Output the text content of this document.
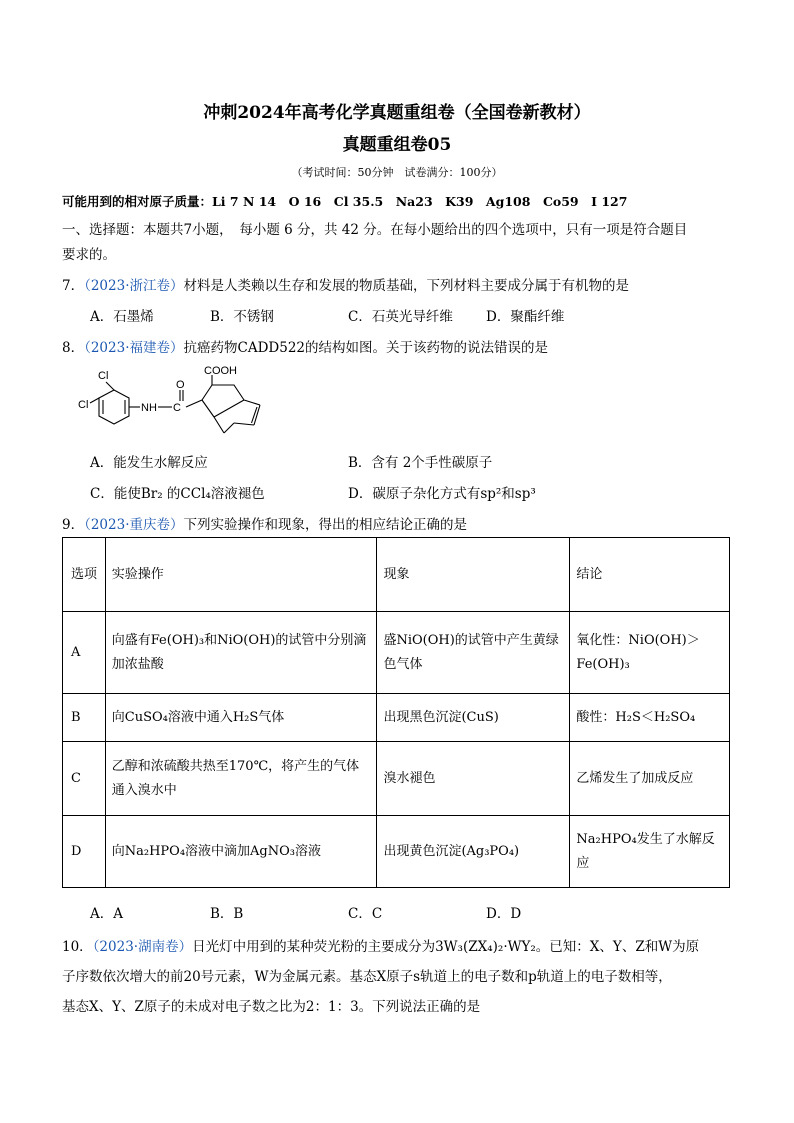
冲刺2024年高考化学真题重组卷（全国卷新教材）
真题重组卷05
（考试时间：50分钟　试卷满分：100分）
可能用到的相对原子质量：Li 7 N 14　O 16　Cl 35.5　Na23　K39　Ag108　Co59　I 127
一、选择题：本题共7小题，　每小题 6 分，共 42 分。在每小题给出的四个选项中，只有一项是符合题目
要求的。
7．（2023·浙江卷）材料是人类赖以生存和发展的物质基础，下列材料主要成分属于有机物的是
A．石墨烯	B．不锈钢	C．石英光导纤维 D．聚酯纤维
8．（2023·福建卷）抗癌药物CADD522的结构如图。关于该药物的说法错误的是
Cl
Cl	NH C
O
COOH
A．能发生水解反应	B．含有 2个手性碳原子
C．能使Br₂ 的CCl₄溶液褪色	D．碳原子杂化方式有sp²和sp³
9．（2023·重庆卷）下列实验操作和现象，得出的相应结论正确的是
选项	实验操作	现象	结论
A	向盛有Fe(OH)₃和NiO(OH)的试管中分别滴加浓盐酸	盛NiO(OH)的试管中产生黄绿色气体	氧化性：NiO(OH)＞Fe(OH)₃
B	向CuSO₄溶液中通入H₂S气体	出现黑色沉淀(CuS)	酸性：H₂S＜H₂SO₄
C	乙醇和浓硫酸共热至170℃，将产生的气体通入溴水中	溴水褪色	乙烯发生了加成反应
D	向Na₂HPO₄溶液中滴加AgNO₃溶液	出现黄色沉淀(Ag₃PO₄)	Na₂HPO₄发生了水解反应
A．A	B．B	C．C	D．D
10．（2023·湖南卷）日光灯中用到的某种荧光粉的主要成分为3W₃(ZX₄)₂·WY₂。已知：X、Y、Z和W为原
子序数依次增大的前20号元素，W为金属元素。基态X原子s轨道上的电子数和p轨道上的电子数相等，
基态X、Y、Z原子的未成对电子数之比为2：1：3。下列说法正确的是
